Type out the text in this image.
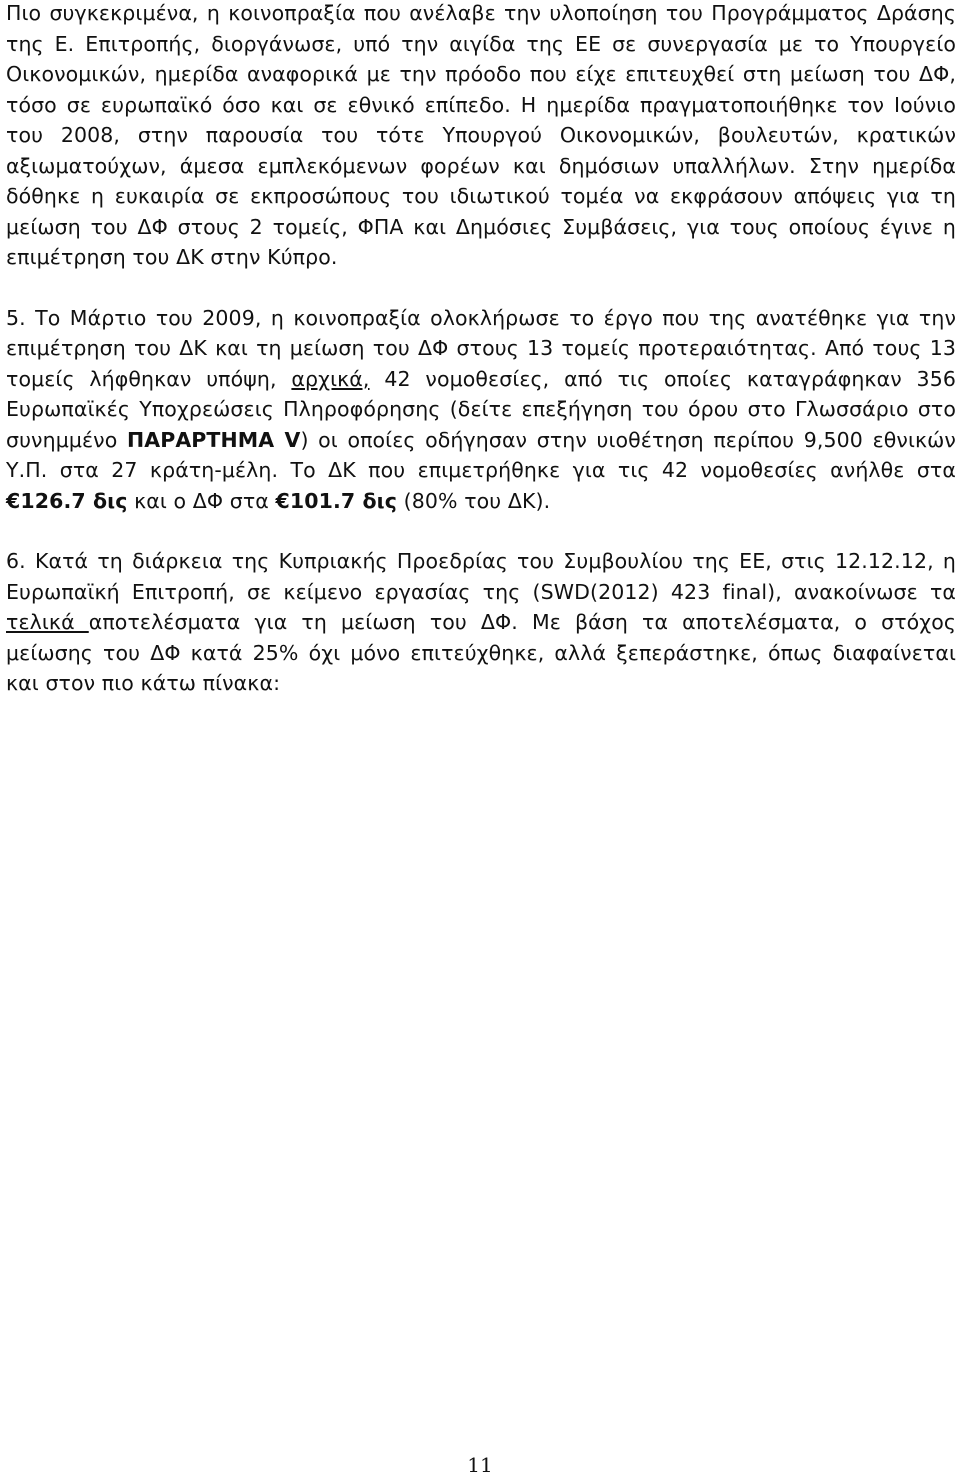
Πιο συγκεκριμένα, η κοινοπραξία που ανέλαβε την υλοποίηση του Προγράμματος Δράσης της Ε. Επιτροπής, διοργάνωσε, υπό την αιγίδα της ΕΕ σε συνεργασία με το Υπουργείο Οικονομικών, ημερίδα αναφορικά με την πρόοδο που είχε επιτευχθεί στη μείωση του ΔΦ, τόσο σε ευρωπαϊκό όσο και σε εθνικό επίπεδο. Η ημερίδα πραγματοποιήθηκε τον Ιούνιο του 2008, στην παρουσία του τότε Υπουργού Οικονομικών, βουλευτών, κρατικών αξιωματούχων, άμεσα εμπλεκόμενων φορέων και δημόσιων υπαλλήλων. Στην ημερίδα δόθηκε η ευκαιρία σε εκπροσώπους του ιδιωτικού τομέα να εκφράσουν απόψεις για τη μείωση του ΔΦ στους 2 τομείς, ΦΠΑ και Δημόσιες Συμβάσεις, για τους οποίους έγινε η επιμέτρηση του ΔΚ στην Κύπρο.

5. Το Μάρτιο του 2009, η κοινοπραξία ολοκλήρωσε το έργο που της ανατέθηκε για την επιμέτρηση του ΔΚ και τη μείωση του ΔΦ στους 13 τομείς προτεραιότητας. Από τους 13 τομείς λήφθηκαν υπόψη, αρχικά, 42 νομοθεσίες, από τις οποίες καταγράφηκαν 356 Ευρωπαϊκές Υποχρεώσεις Πληροφόρησης (δείτε επεξήγηση του όρου στο Γλωσσάριο στο συνημμένο ΠΑΡΑΡΤΗΜΑ V) οι οποίες οδήγησαν στην υιοθέτηση περίπου 9,500 εθνικών Υ.Π. στα 27 κράτη-μέλη. Το ΔΚ που επιμετρήθηκε για τις 42 νομοθεσίες ανήλθε στα €126.7 δις και ο ΔΦ στα €101.7 δις (80% του ΔΚ).

6. Κατά τη διάρκεια της Κυπριακής Προεδρίας του Συμβουλίου της ΕΕ, στις 12.12.12, η Ευρωπαϊκή Επιτροπή, σε κείμενο εργασίας της (SWD(2012) 423 final), ανακοίνωσε τα τελικά αποτελέσματα για τη μείωση του ΔΦ. Με βάση τα αποτελέσματα, ο στόχος μείωσης του ΔΦ κατά 25% όχι μόνο επιτεύχθηκε, αλλά ξεπεράστηκε, όπως διαφαίνεται και στον πιο κάτω πίνακα:

11
